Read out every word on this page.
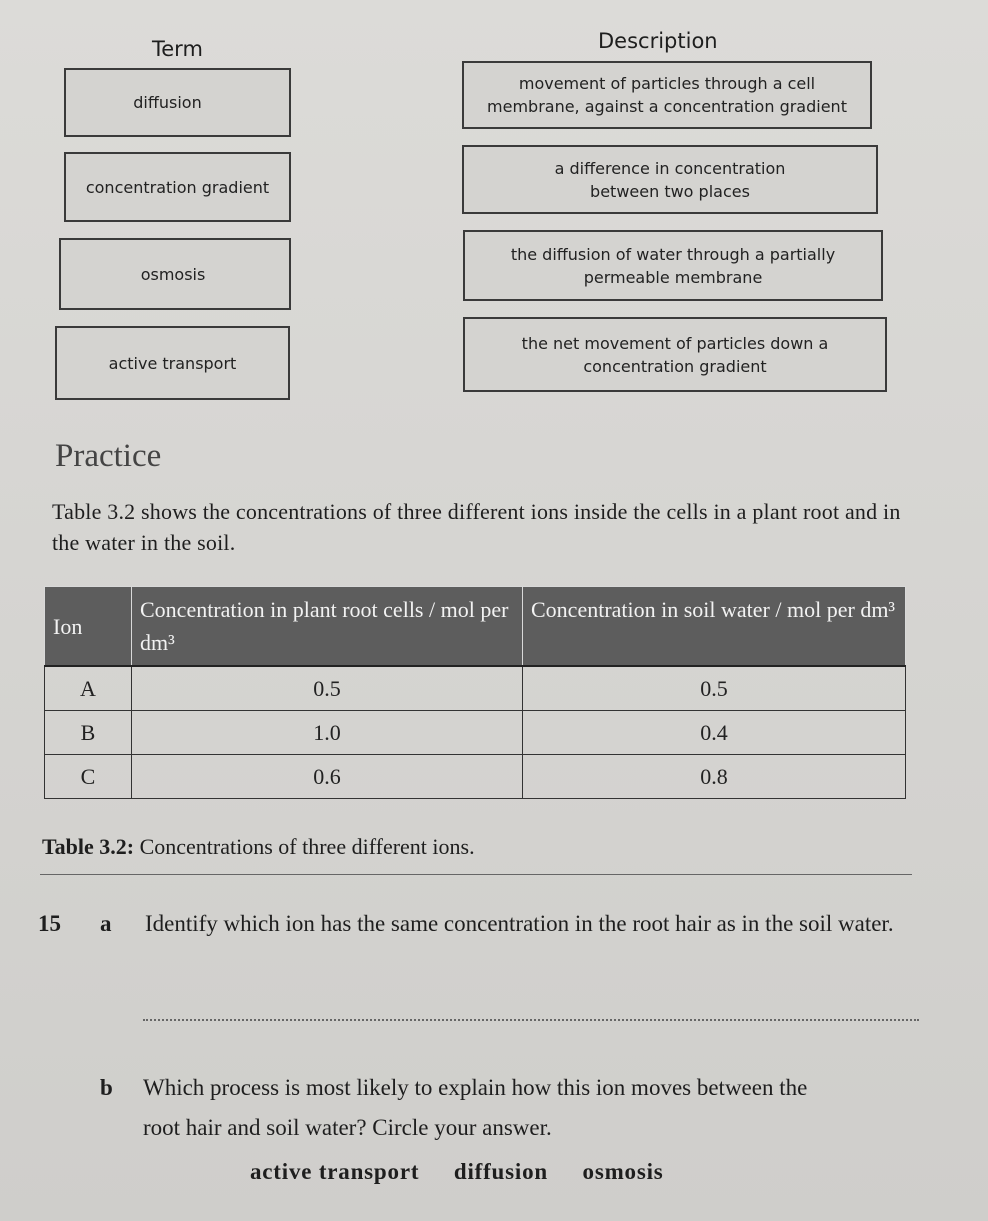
Term	Description
diffusion
concentration gradient
osmosis
active transport
movement of particles through a cell membrane, against a concentration gradient
a difference in concentration between two places
the diffusion of water through a partially permeable membrane
the net movement of particles down a concentration gradient
Practice
Table 3.2 shows the concentrations of three different ions inside the cells in a plant root and in the water in the soil.
Ion	Concentration in plant root cells / mol per dm³	Concentration in soil water / mol per dm³
A	0.5	0.5
B	1.0	0.4
C	0.6	0.8
Table 3.2: Concentrations of three different ions.
15 a Identify which ion has the same concentration in the root hair as in the soil water.
b Which process is most likely to explain how this ion moves between the root hair and soil water? Circle your answer.
active transport diffusion osmosis
